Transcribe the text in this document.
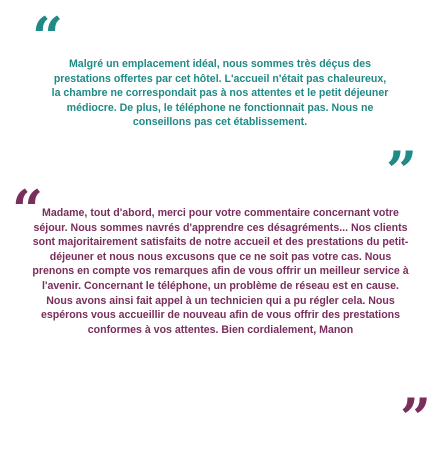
“ Malgré un emplacement idéal, nous sommes très déçus des prestations offertes par cet hôtel. L'accueil n'était pas chaleureux, la chambre ne correspondait pas à nos attentes et le petit déjeuner médiocre. De plus, le téléphone ne fonctionnait pas. Nous ne conseillons pas cet établissement.
”
“ Madame, tout d'abord, merci pour votre commentaire concernant votre séjour. Nous sommes navrés d'apprendre ces désagréments... Nos clients sont majoritairement satisfaits de notre accueil et des prestations du petit-déjeuner et nous nous excusons que ce ne soit pas votre cas. Nous prenons en compte vos remarques afin de vous offrir un meilleur service à l'avenir. Concernant le téléphone, un problème de réseau est en cause. Nous avons ainsi fait appel à un technicien qui a pu régler cela. Nous espérons vous accueillir de nouveau afin de vous offrir des prestations conformes à vos attentes. Bien cordialement, Manon
”
